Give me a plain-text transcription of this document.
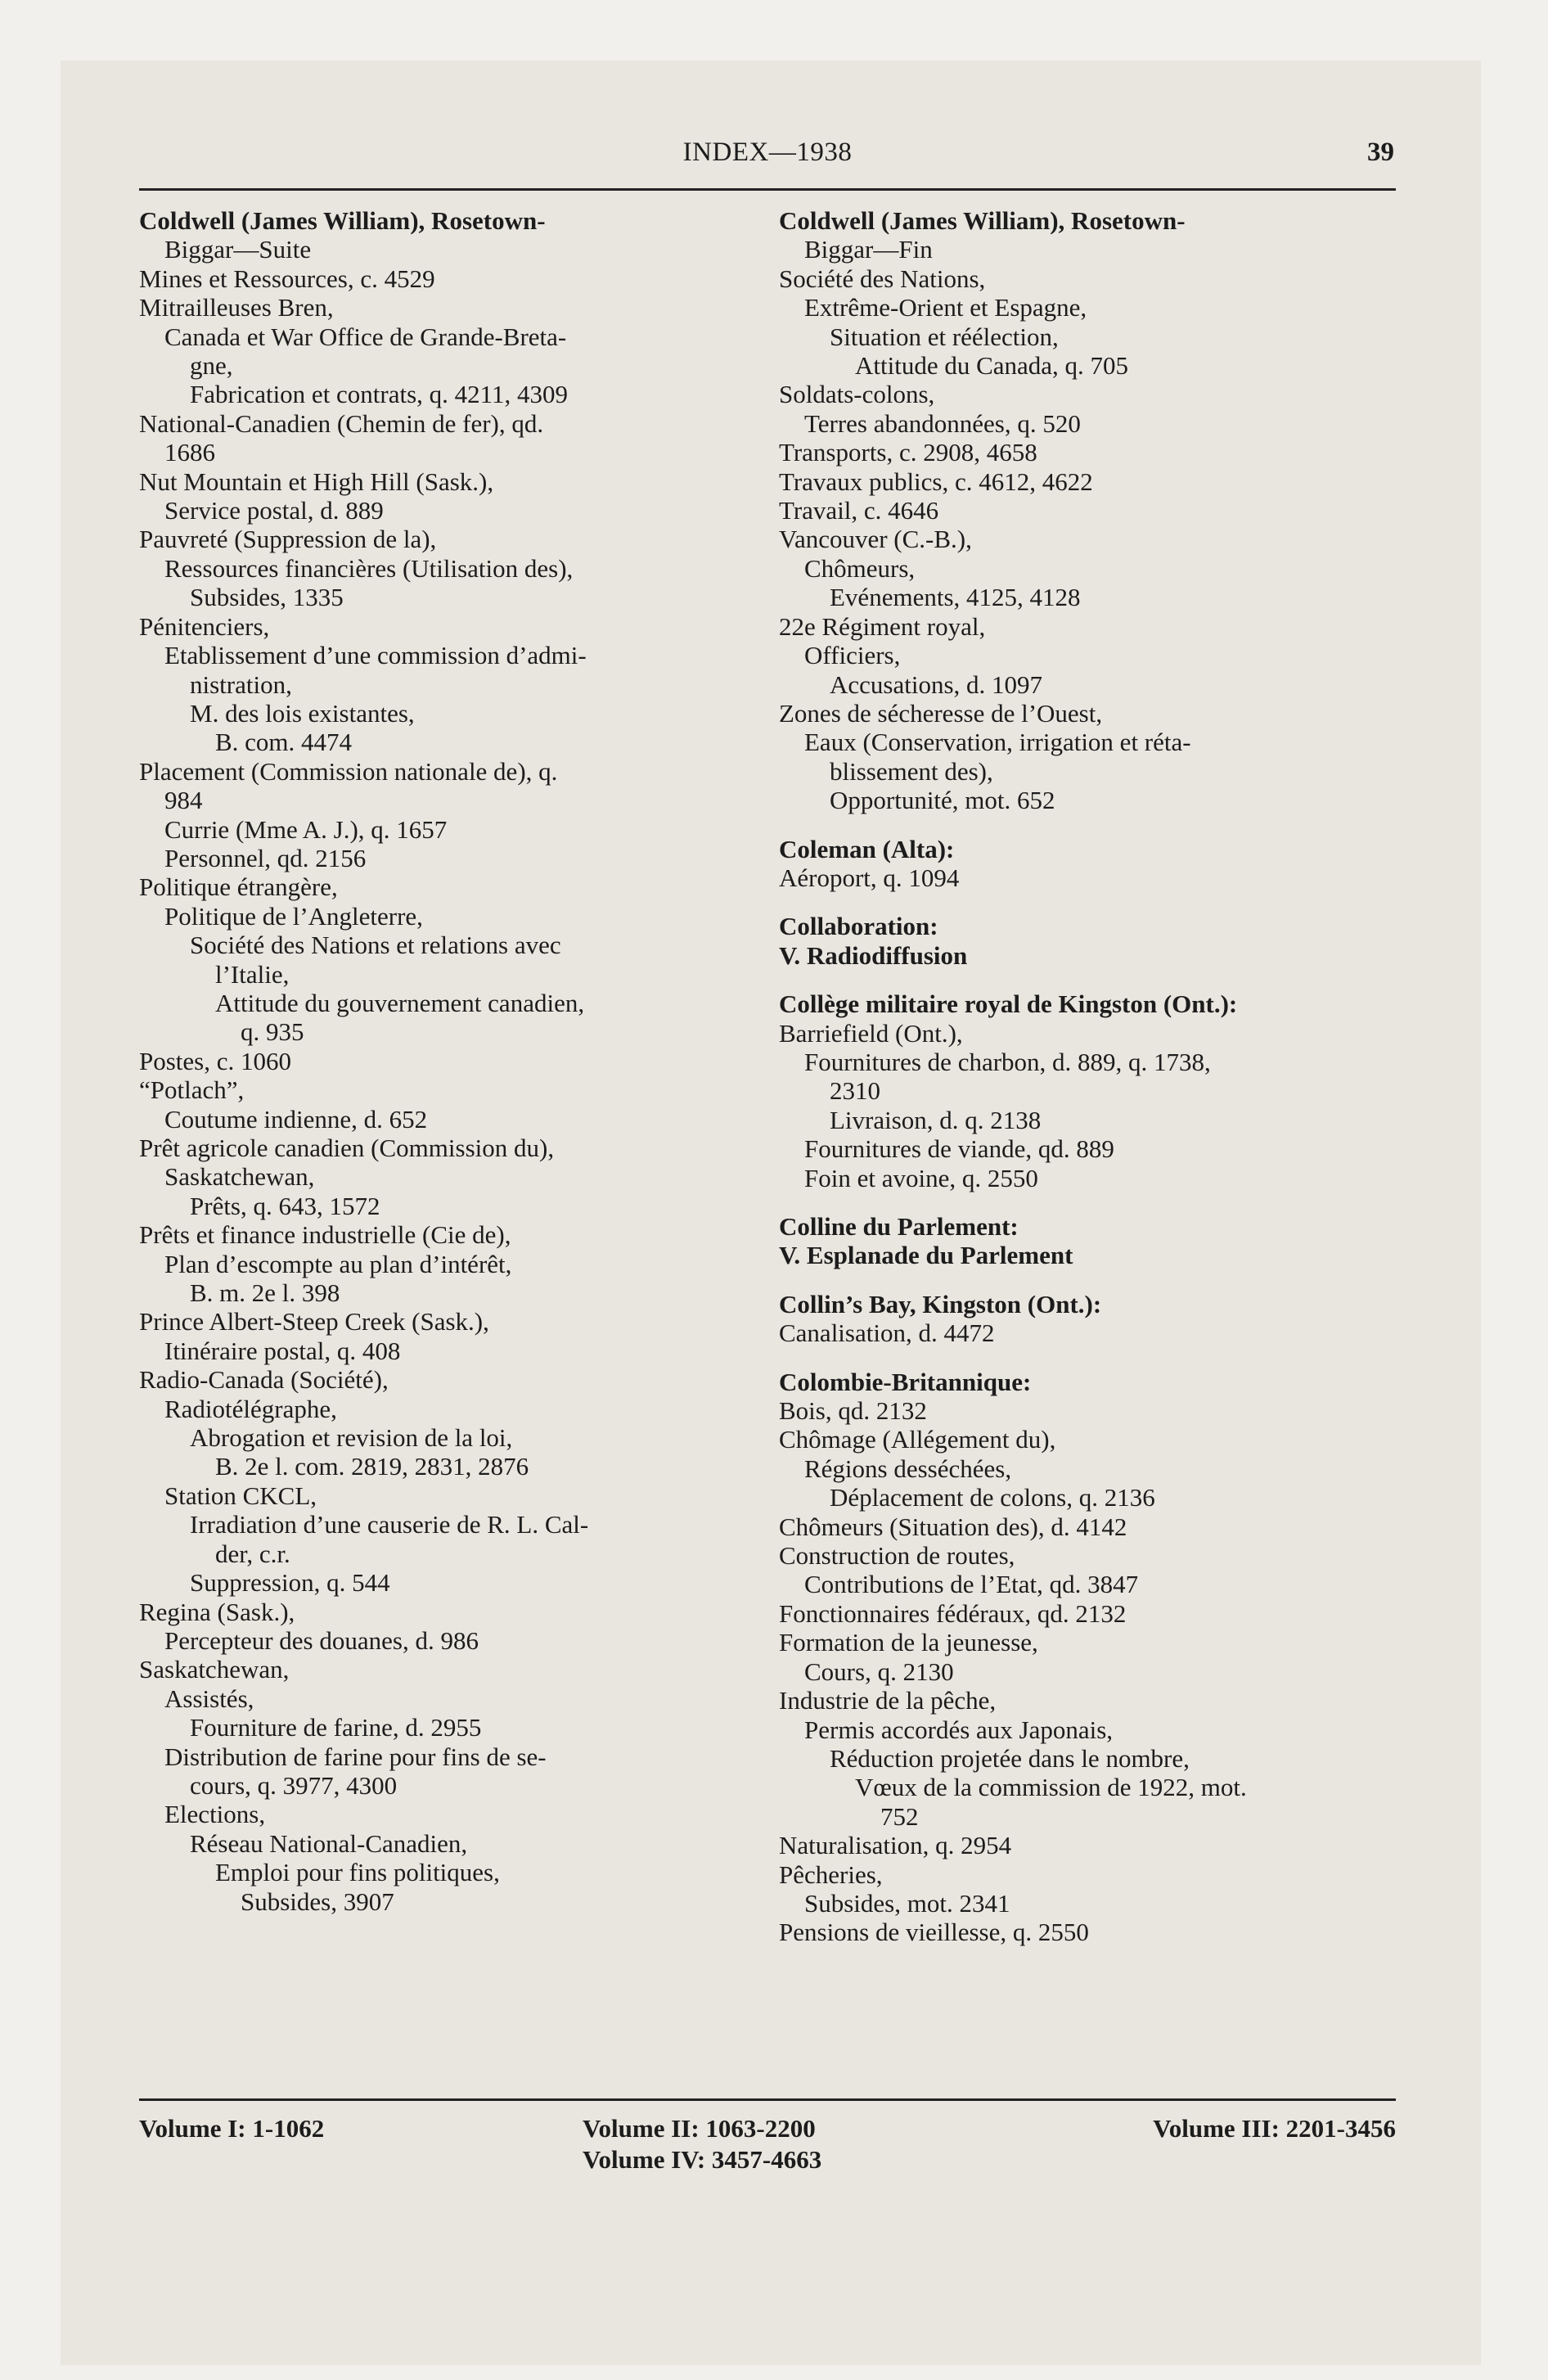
INDEX—1938	39
Coldwell (James William), Rosetown-
Biggar—Suite
Mines et Ressources, c. 4529
Mitrailleuses Bren,
Canada et War Office de Grande-Breta-
gne,
Fabrication et contrats, q. 4211, 4309
National-Canadien (Chemin de fer), qd.
1686
Nut Mountain et High Hill (Sask.),
Service postal, d. 889
Pauvreté (Suppression de la),
Ressources financières (Utilisation des),
Subsides, 1335
Pénitenciers,
Etablissement d’une commission d’admi-
nistration,
M. des lois existantes,
B. com. 4474
Placement (Commission nationale de), q.
984
Currie (Mme A. J.), q. 1657
Personnel, qd. 2156
Politique étrangère,
Politique de l’Angleterre,
Société des Nations et relations avec
l’Italie,
Attitude du gouvernement canadien,
q. 935
Postes, c. 1060
“Potlach”,
Coutume indienne, d. 652
Prêt agricole canadien (Commission du),
Saskatchewan,
Prêts, q. 643, 1572
Prêts et finance industrielle (Cie de),
Plan d’escompte au plan d’intérêt,
B. m. 2e l. 398
Prince Albert-Steep Creek (Sask.),
Itinéraire postal, q. 408
Radio-Canada (Société),
Radiotélégraphe,
Abrogation et revision de la loi,
B. 2e l. com. 2819, 2831, 2876
Station CKCL,
Irradiation d’une causerie de R. L. Cal-
der, c.r.
Suppression, q. 544
Regina (Sask.),
Percepteur des douanes, d. 986
Saskatchewan,
Assistés,
Fourniture de farine, d. 2955
Distribution de farine pour fins de se-
cours, q. 3977, 4300
Elections,
Réseau National-Canadien,
Emploi pour fins politiques,
Subsides, 3907
Coldwell (James William), Rosetown-
Biggar—Fin
Société des Nations,
Extrême-Orient et Espagne,
Situation et réélection,
Attitude du Canada, q. 705
Soldats-colons,
Terres abandonnées, q. 520
Transports, c. 2908, 4658
Travaux publics, c. 4612, 4622
Travail, c. 4646
Vancouver (C.-B.),
Chômeurs,
Evénements, 4125, 4128
22e Régiment royal,
Officiers,
Accusations, d. 1097
Zones de sécheresse de l’Ouest,
Eaux (Conservation, irrigation et réta-
blissement des),
Opportunité, mot. 652
Coleman (Alta):
Aéroport, q. 1094
Collaboration:
V. Radiodiffusion
Collège militaire royal de Kingston (Ont.):
Barriefield (Ont.),
Fournitures de charbon, d. 889, q. 1738,
2310
Livraison, d. q. 2138
Fournitures de viande, qd. 889
Foin et avoine, q. 2550
Colline du Parlement:
V. Esplanade du Parlement
Collin’s Bay, Kingston (Ont.):
Canalisation, d. 4472
Colombie-Britannique:
Bois, qd. 2132
Chômage (Allégement du),
Régions desséchées,
Déplacement de colons, q. 2136
Chômeurs (Situation des), d. 4142
Construction de routes,
Contributions de l’Etat, qd. 3847
Fonctionnaires fédéraux, qd. 2132
Formation de la jeunesse,
Cours, q. 2130
Industrie de la pêche,
Permis accordés aux Japonais,
Réduction projetée dans le nombre,
Vœux de la commission de 1922, mot.
752
Naturalisation, q. 2954
Pêcheries,
Subsides, mot. 2341
Pensions de vieillesse, q. 2550
Volume I: 1-1062	Volume II: 1063-2200
Volume IV: 3457-4663
Volume III: 2201-3456
